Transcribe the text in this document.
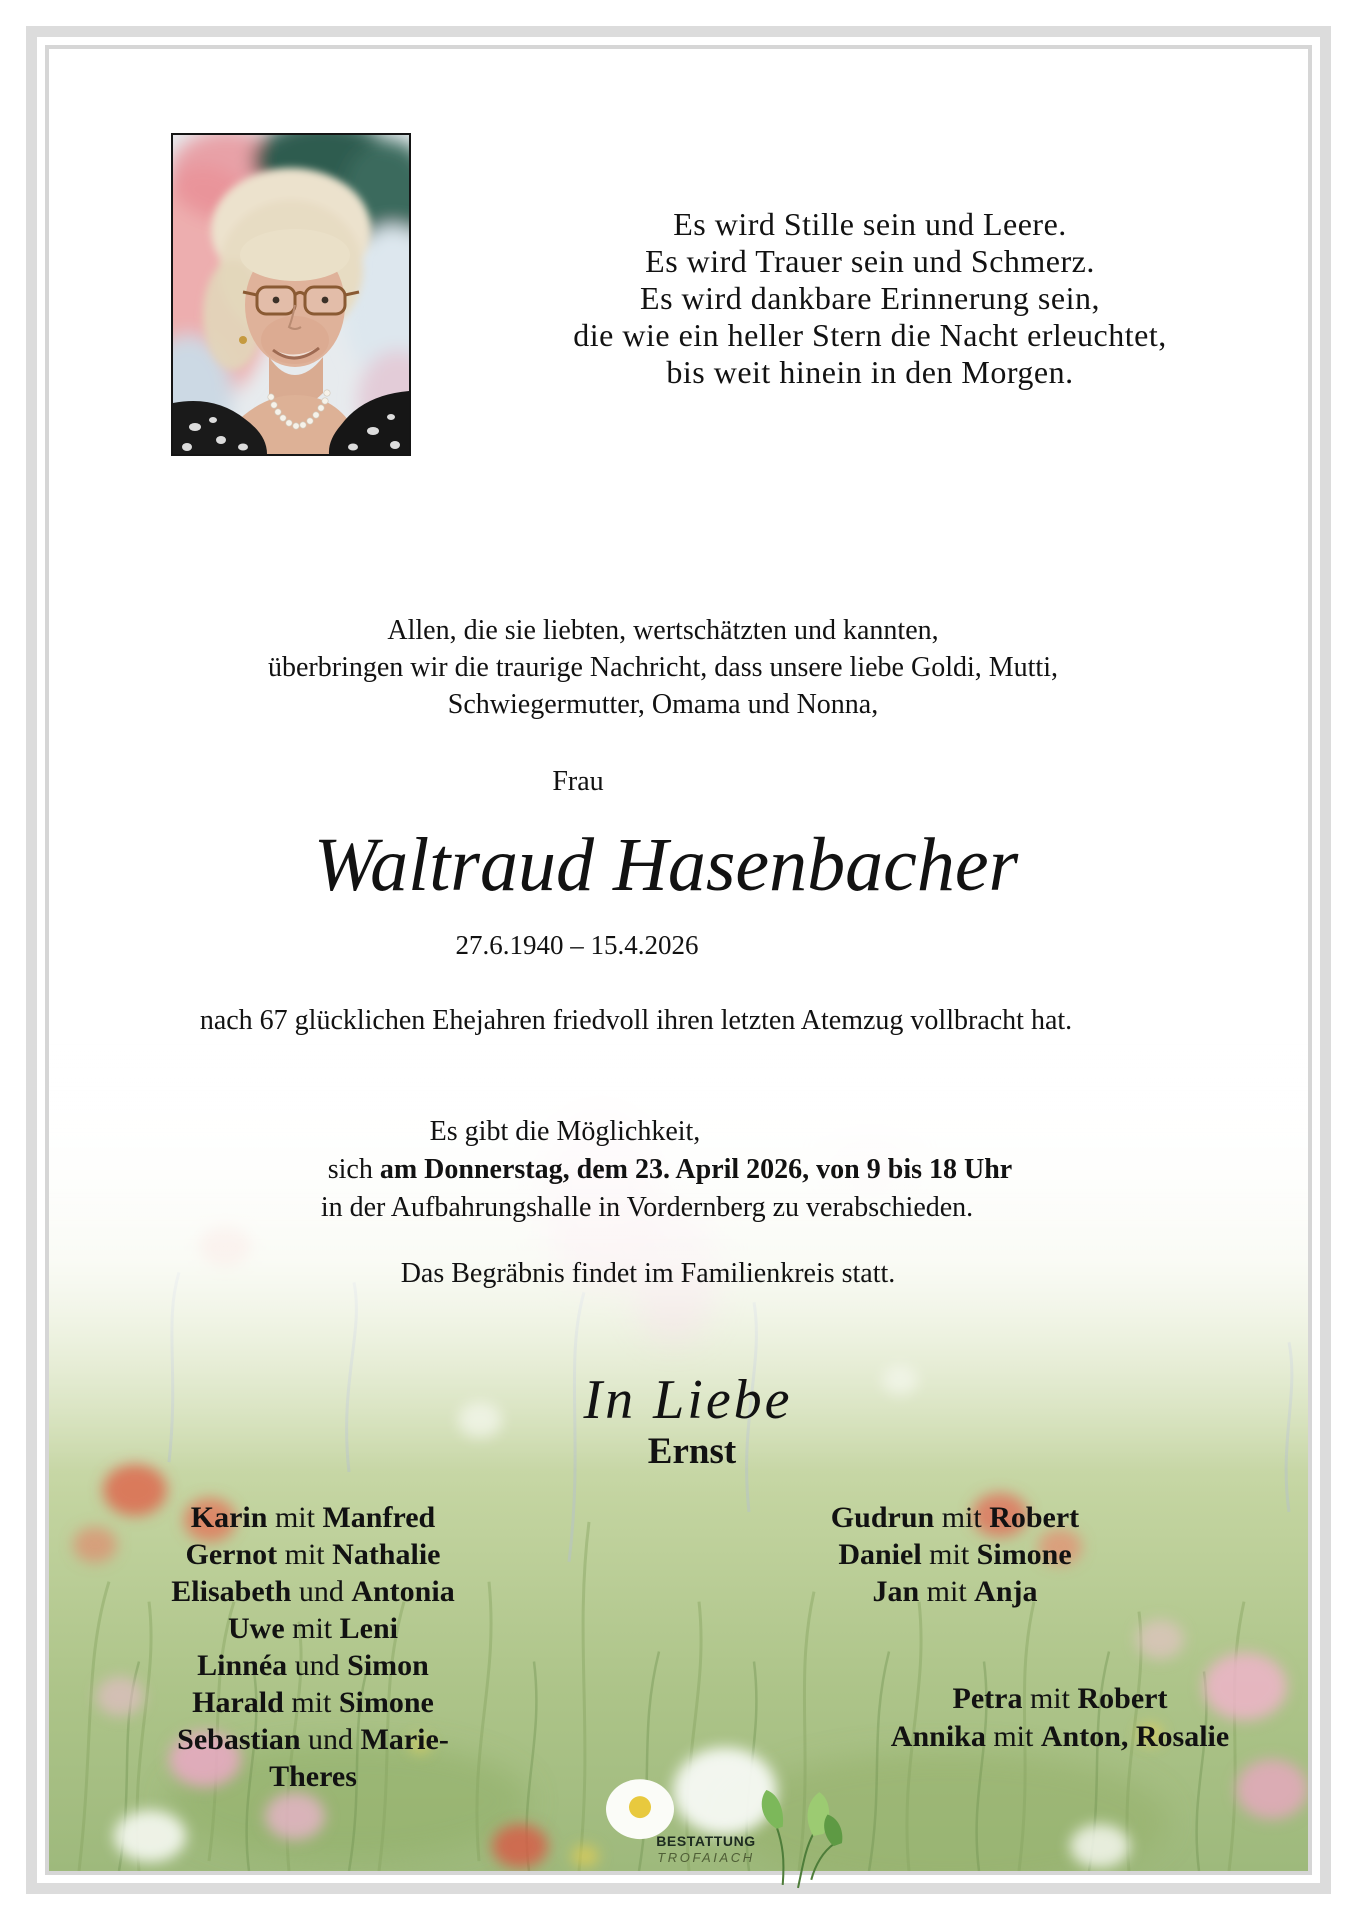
Es wird Stille sein und Leere.
Es wird Trauer sein und Schmerz.
Es wird dankbare Erinnerung sein,
die wie ein heller Stern die Nacht erleuchtet,
bis weit hinein in den Morgen.
Allen, die sie liebten, wertschätzten und kannten,
überbringen wir die traurige Nachricht, dass unsere liebe Goldi, Mutti,
Schwiegermutter, Omama und Nonna,
Frau
Waltraud Hasenbacher
27.6.1940 – 15.4.2026
nach 67 glücklichen Ehejahren friedvoll ihren letzten Atemzug vollbracht hat.
Es gibt die Möglichkeit,
sich am Donnerstag, dem 23. April 2026, von 9 bis 18 Uhr
in der Aufbahrungshalle in Vordernberg zu verabschieden.
Das Begräbnis findet im Familienkreis statt.
In Liebe
Ernst
Karin mit Manfred
Gernot mit Nathalie
Elisabeth und Antonia
Uwe mit Leni
Linnéa und Simon
Harald mit Simone
Sebastian und Marie-Theres
Gudrun mit Robert
Daniel mit Simone
Jan mit Anja
Petra mit Robert
Annika mit Anton, Rosalie
BESTATTUNG
TROFAIACH
